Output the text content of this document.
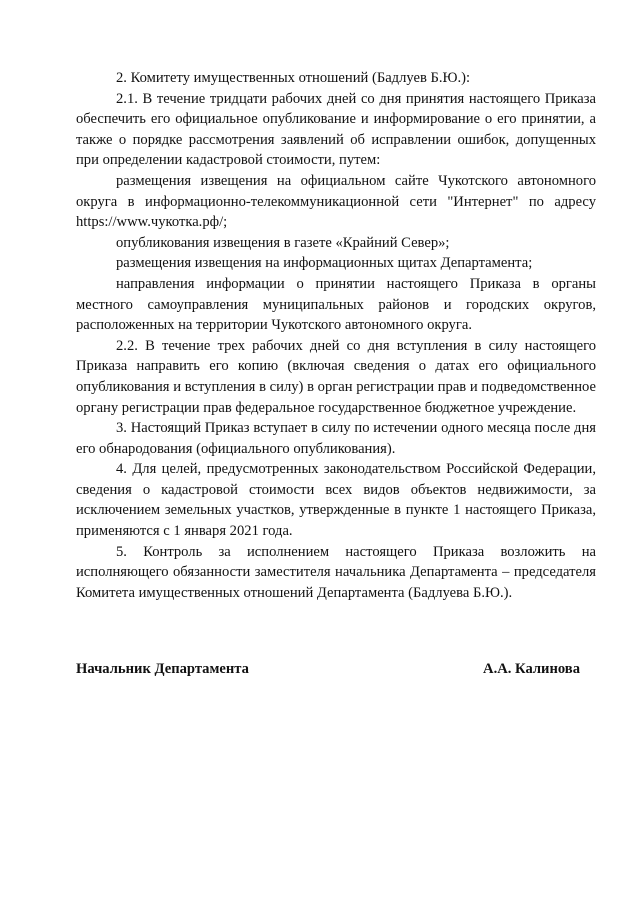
2. Комитету имущественных отношений (Бадлуев Б.Ю.):

2.1. В течение тридцати рабочих дней со дня принятия настоящего Приказа обеспечить его официальное опубликование и информирование о его принятии, а также о порядке рассмотрения заявлений об исправлении ошибок, допущенных при определении кадастровой стоимости, путем:

размещения извещения на официальном сайте Чукотского автономного округа в информационно-телекоммуникационной сети "Интернет" по адресу https://www.чукотка.рф/;

опубликования извещения в газете «Крайний Север»;

размещения извещения на информационных щитах Департамента;

направления информации о принятии настоящего Приказа в органы местного самоуправления муниципальных районов и городских округов, расположенных на территории Чукотского автономного округа.

2.2. В течение трех рабочих дней со дня вступления в силу настоящего Приказа направить его копию (включая сведения о датах его официального опубликования и вступления в силу) в орган регистрации прав и подведомственное органу регистрации прав федеральное государственное бюджетное учреждение.

3. Настоящий Приказ вступает в силу по истечении одного месяца после дня его обнародования (официального опубликования).

4. Для целей, предусмотренных законодательством Российской Федерации, сведения о кадастровой стоимости всех видов объектов недвижимости, за исключением земельных участков, утвержденные в пункте 1 настоящего Приказа, применяются с 1 января 2021 года.

5. Контроль за исполнением настоящего Приказа возложить на исполняющего обязанности заместителя начальника Департамента – председателя Комитета имущественных отношений Департамента (Бадлуева Б.Ю.).

Начальник Департамента	А.А. Калинова
